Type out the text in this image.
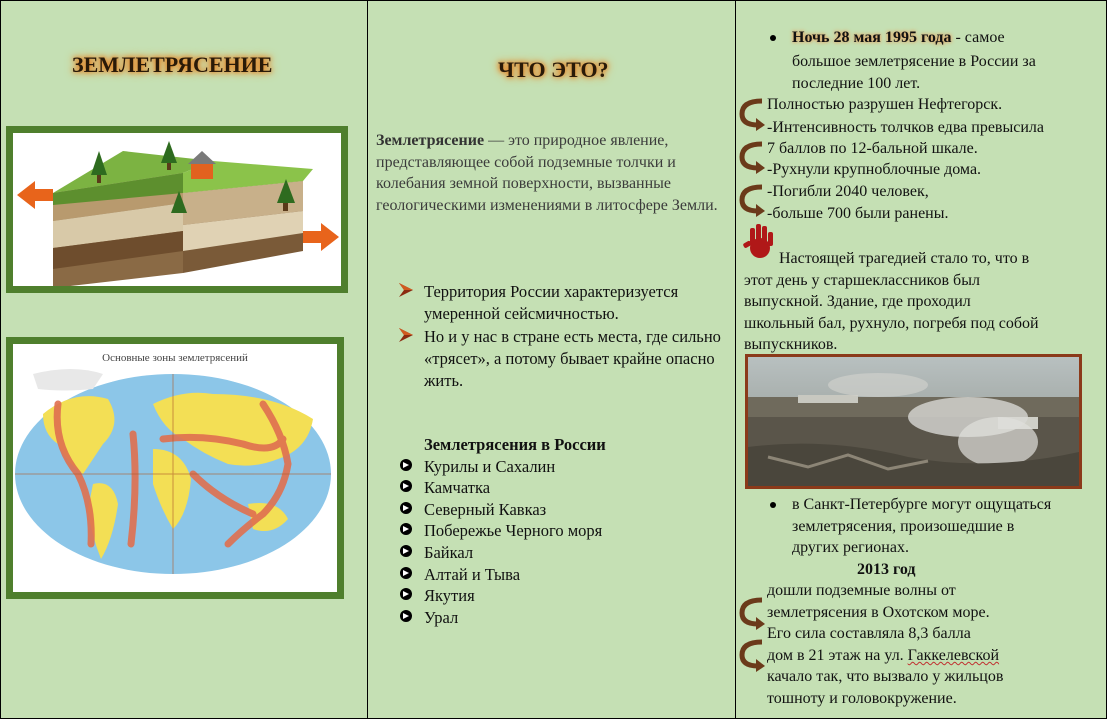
ЗЕМЛЕТРЯСЕНИЕ
Основные зоны землетрясений
ЧТО ЭТО?
Землетрясение — это природное явление, представляющее собой подземные толчки и колебания земной поверхности, вызванные геологическими изменениями в литосфере Земли.
Территория России характеризуется умеренной сейсмичностью.
Но и у нас в стране есть места, где сильно «трясет», а потому бывает крайне опасно жить.
Землетрясения в России
Курилы и Сахалин
Камчатка
Северный Кавказ
Побережье Черного моря
Байкал
Алтай и Тыва
Якутия
Урал
Ночь 28 мая 1995 года - самое
большое землетрясение в России за
последние 100 лет.
Полностью разрушен Нефтегорск.
-Интенсивность толчков едва превысила
7 баллов по 12-бальной шкале.
-Рухнули крупноблочные дома.
-Погибли 2040 человек,
-больше 700 были ранены.
Настоящей трагедией стало то, что в
этот день у старшеклассников был
выпускной. Здание, где проходил
школьный бал, рухнуло, погребя под собой
выпускников.
в Санкт-Петербурге могут ощущаться
землетрясения, произошедшие в
других регионах.
2013 год
дошли подземные волны от
землетрясения в Охотском море.
Его сила составляла 8,3 балла
дом в 21 этаж на ул. Гаккелевской
качало так, что вызвало у жильцов
тошноту и головокружение.
